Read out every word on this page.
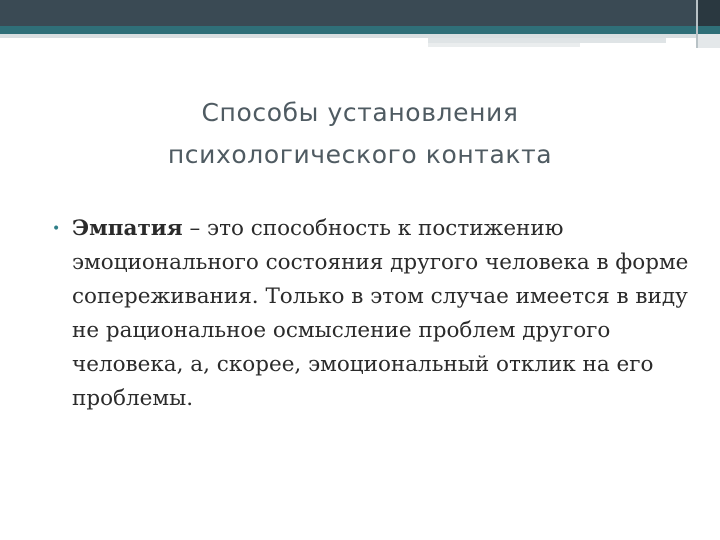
Способы установления
психологического контакта
• Эмпатия – это способность к постижению эмоционального состояния другого человека в форме сопереживания. Только в этом случае имеется в виду не рациональное осмысление проблем другого человека, а, скорее, эмоциональный отклик на его проблемы.
